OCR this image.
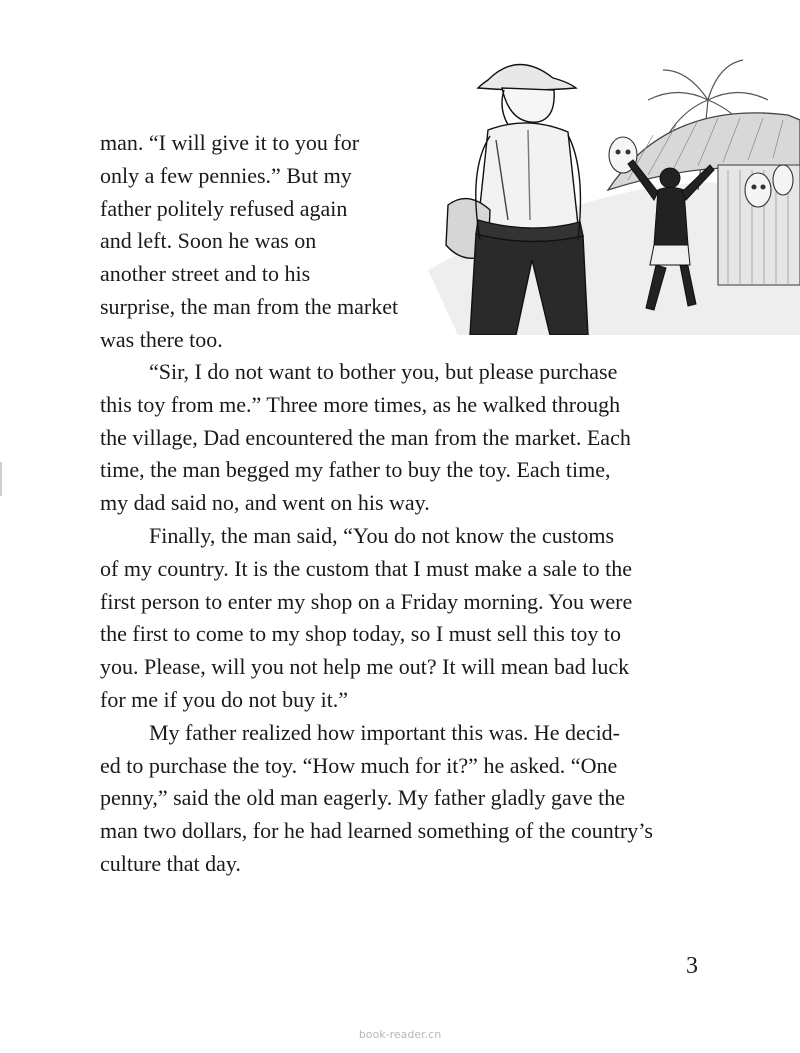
man. “I will give it to you for
only a few pennies.” But my
father politely refused again
and left. Soon he was on
another street and to his
surprise, the man from the market
was there too.
“Sir, I do not want to bother you, but please purchase
this toy from me.” Three more times, as he walked through
the village, Dad encountered the man from the market. Each
time, the man begged my father to buy the toy. Each time,
my dad said no, and went on his way.
Finally, the man said, “You do not know the customs
of my country. It is the custom that I must make a sale to the
first person to enter my shop on a Friday morning. You were
the first to come to my shop today, so I must sell this toy to
you. Please, will you not help me out? It will mean bad luck
for me if you do not buy it.”
My father realized how important this was. He decid-
ed to purchase the toy. “How much for it?” he asked. “One
penny,” said the old man eagerly. My father gladly gave the
man two dollars, for he had learned something of the country’s
culture that day.
3
book-reader.cn
